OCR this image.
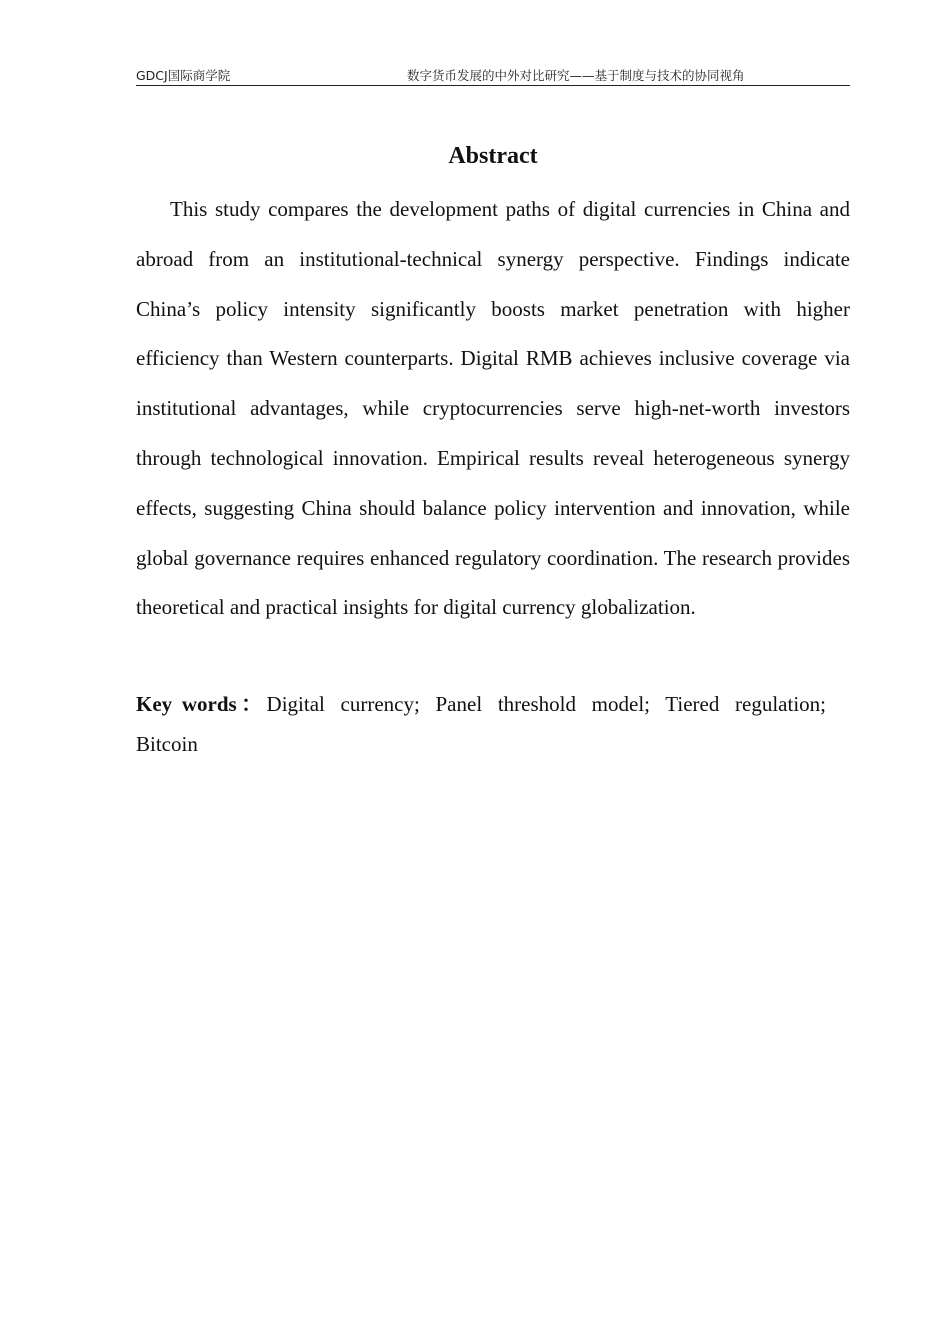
GDCJ国际商学院	数字货币发展的中外对比研究——基于制度与技术的协同视角
Abstract

This study compares the development paths of digital currencies in China and abroad from an institutional-technical synergy perspective. Findings indicate China’s policy intensity significantly boosts market penetration with higher efficiency than Western counterparts. Digital RMB achieves inclusive coverage via institutional advantages, while cryptocurrencies serve high-net-worth investors through technological innovation. Empirical results reveal heterogeneous synergy effects, suggesting China should balance policy intervention and innovation, while global governance requires enhanced regulatory coordination. The research provides theoretical and practical insights for digital currency globalization.

Key words：Digital currency; Panel threshold model; Tiered regulation; Bitcoin
